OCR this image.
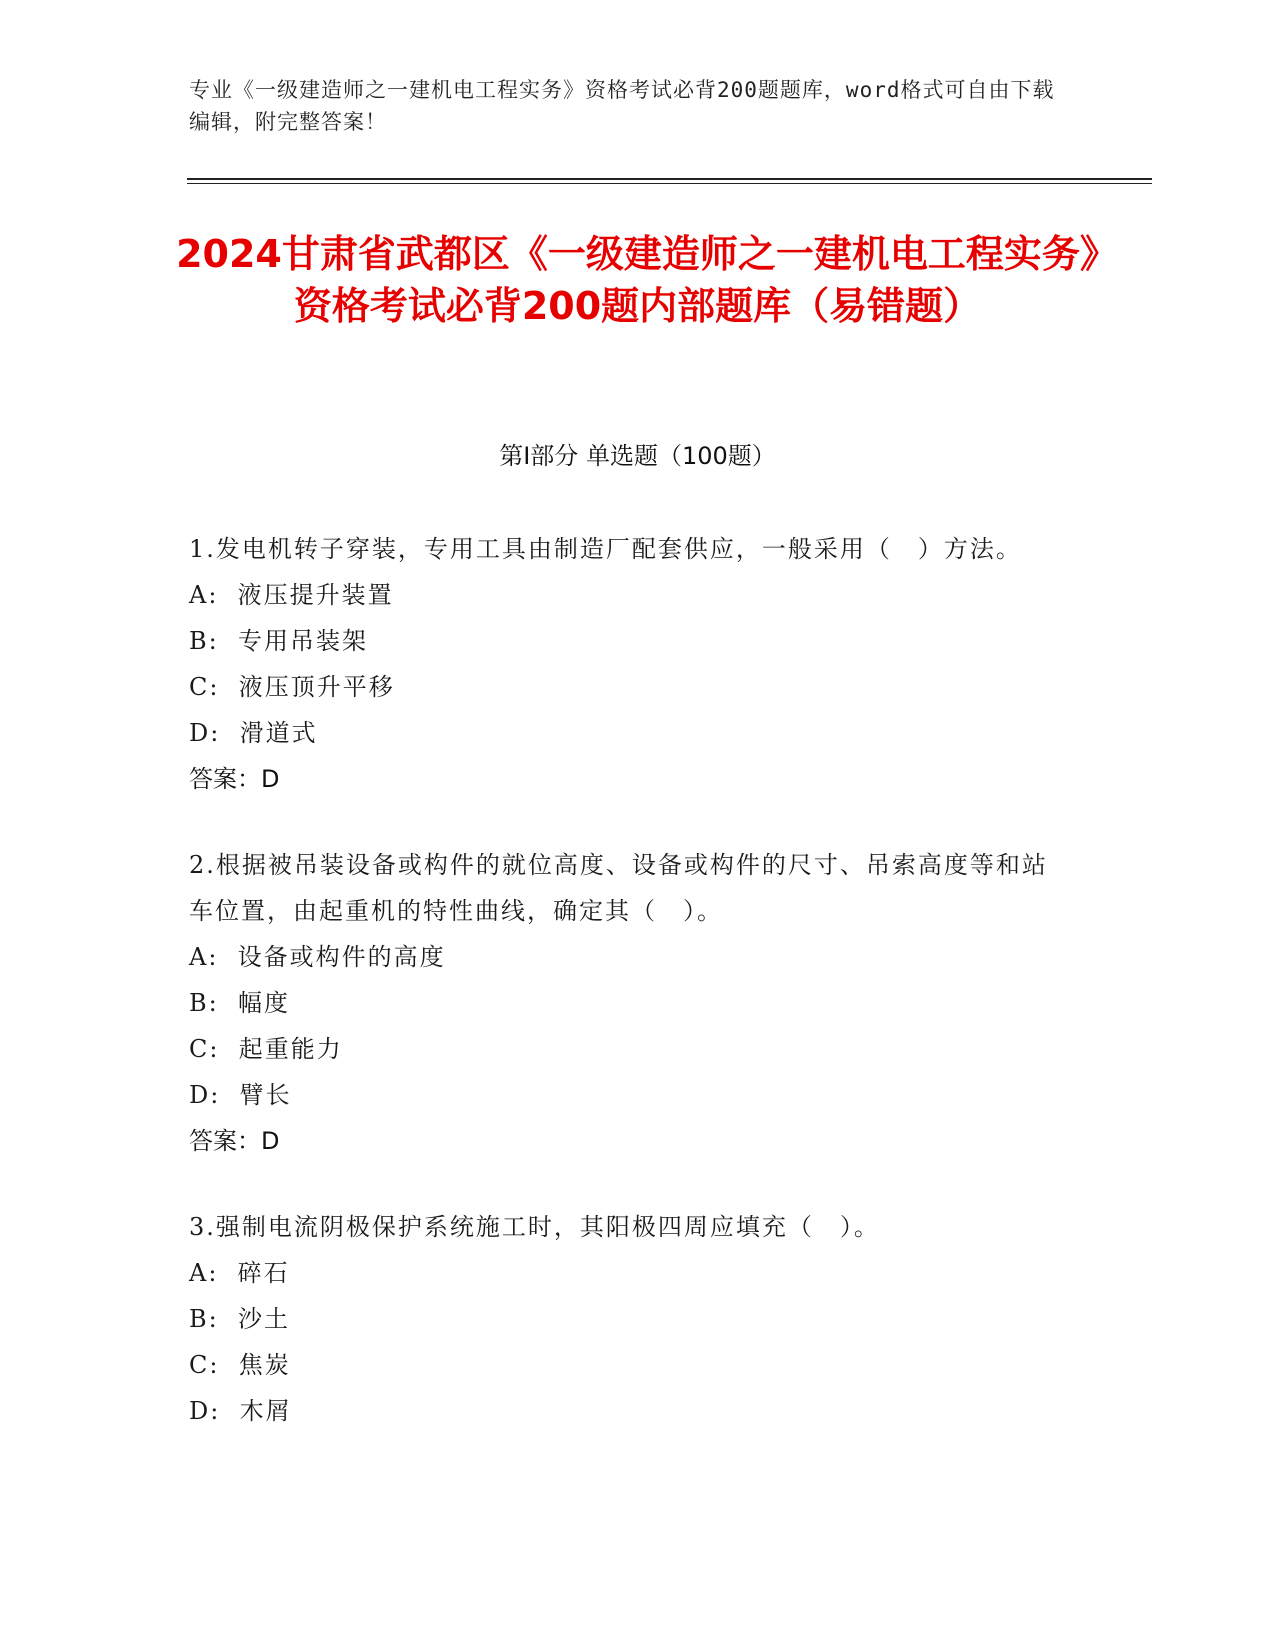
专业《一级建造师之一建机电工程实务》资格考试必背200题题库，word格式可自由下载编辑，附完整答案！
2024甘肃省武都区《一级建造师之一建机电工程实务》资格考试必背200题内部题库（易错题）
第Ⅰ部分 单选题（100题）
1.发电机转子穿装，专用工具由制造厂配套供应，一般采用（　）方法。
A:  液压提升装置
B:  专用吊装架
C:  液压顶升平移
D:  滑道式
答案：D
2.根据被吊装设备或构件的就位高度、设备或构件的尺寸、吊索高度等和站车位置，由起重机的特性曲线，确定其（　）。
A:  设备或构件的高度
B:  幅度
C:  起重能力
D:  臂长
答案：D
3.强制电流阴极保护系统施工时，其阳极四周应填充（　）。
A:  碎石
B:  沙土
C:  焦炭
D:  木屑
